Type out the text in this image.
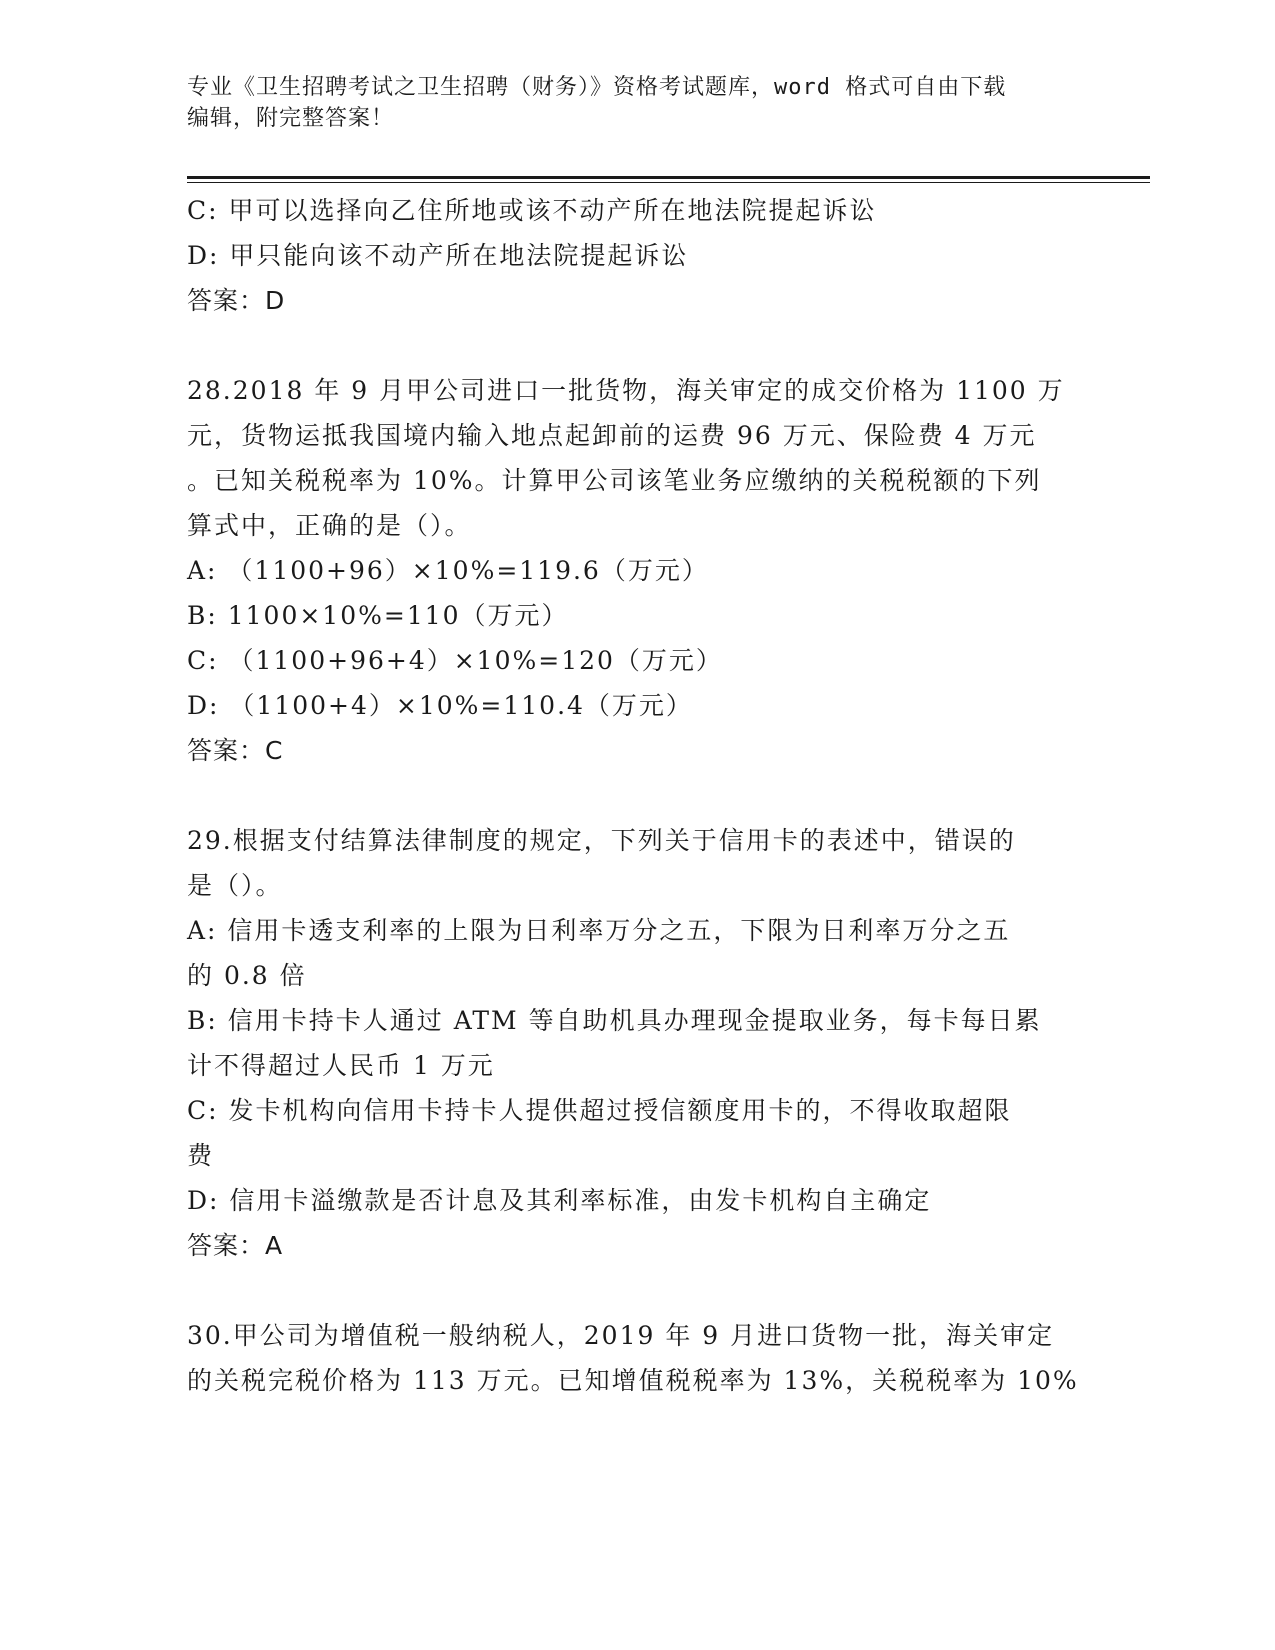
专业《卫生招聘考试之卫生招聘（财务）》资格考试题库，word 格式可自由下载
编辑，附完整答案！
C: 甲可以选择向乙住所地或该不动产所在地法院提起诉讼
D: 甲只能向该不动产所在地法院提起诉讼
答案：D
28.2018 年 9 月甲公司进口一批货物，海关审定的成交价格为 1100 万
元，货物运抵我国境内输入地点起卸前的运费 96 万元、保险费 4 万元
。已知关税税率为 10%。计算甲公司该笔业务应缴纳的关税税额的下列
算式中，正确的是（）。
A: （1100+96）×10%=119.6（万元）
B: 1100×10%=110（万元）
C: （1100+96+4）×10%=120（万元）
D: （1100+4）×10%=110.4（万元）
答案：C
29.根据支付结算法律制度的规定，下列关于信用卡的表述中，错误的
是（）。
A: 信用卡透支利率的上限为日利率万分之五，下限为日利率万分之五
的 0.8 倍
B: 信用卡持卡人通过 ATM 等自助机具办理现金提取业务，每卡每日累
计不得超过人民币 1 万元
C: 发卡机构向信用卡持卡人提供超过授信额度用卡的，不得收取超限
费
D: 信用卡溢缴款是否计息及其利率标准，由发卡机构自主确定
答案：A
30.甲公司为增值税一般纳税人，2019 年 9 月进口货物一批，海关审定
的关税完税价格为 113 万元。已知增值税税率为 13%，关税税率为 10%
